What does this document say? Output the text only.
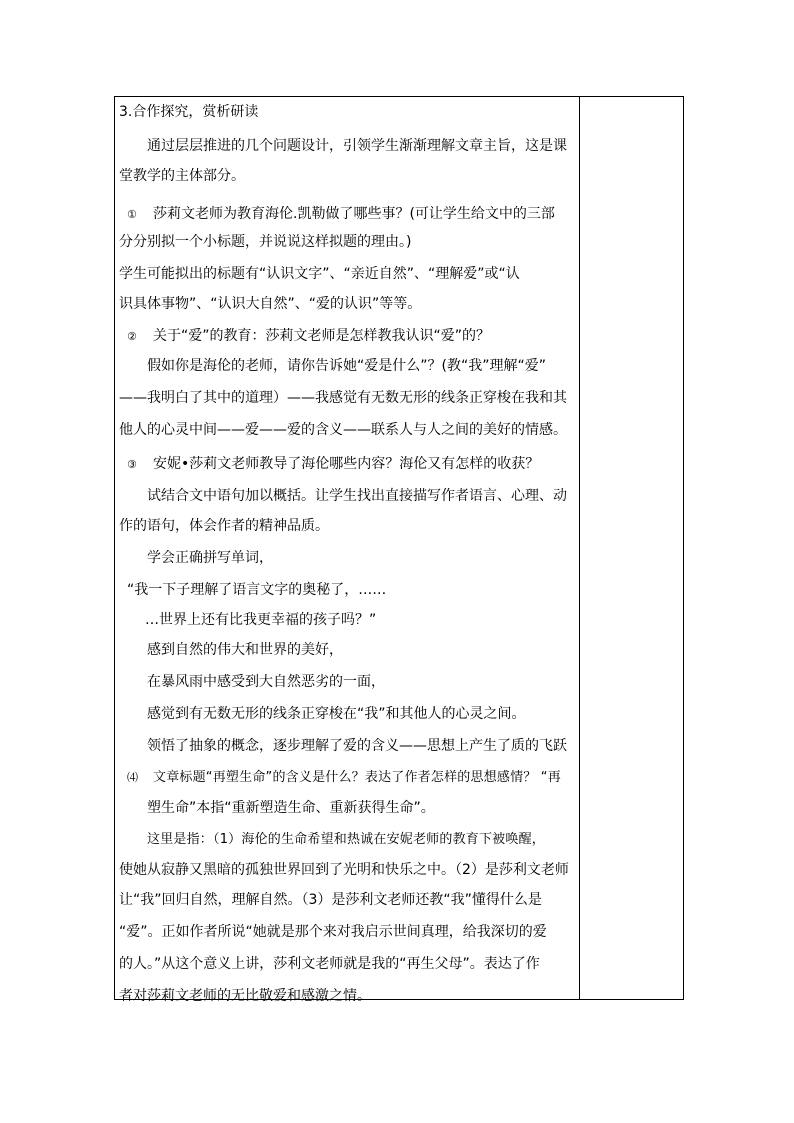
3.合作探究，赏析研读
通过层层推进的几个问题设计，引领学生渐渐理解文章主旨，这是课
堂教学的主体部分。
① 莎莉文老师为教育海伦.凯勒做了哪些事？(可让学生给文中的三部
分分别拟一个小标题，并说说这样拟题的理由。)
学生可能拟出的标题有“认识文字”、“亲近自然”、“理解爱”或“认
识具体事物”、“认识大自然”、“爱的认识”等等。
② 关于“爱”的教育：莎莉文老师是怎样教我认识“爱”的？
假如你是海伦的老师，请你告诉她“爱是什么”？(教“我”理解“爱”
——我明白了其中的道理）——我感觉有无数无形的线条正穿梭在我和其
他人的心灵中间——爱——爱的含义——联系人与人之间的美好的情感。
③ 安妮•莎莉文老师教导了海伦哪些内容？海伦又有怎样的收获？
试结合文中语句加以概括。让学生找出直接描写作者语言、心理、动
作的语句，体会作者的精神品质。
学会正确拼写单词，
“我一下子理解了语言文字的奥秘了，……
…世界上还有比我更幸福的孩子吗？”
感到自然的伟大和世界的美好，
在暴风雨中感受到大自然恶劣的一面，
感觉到有无数无形的线条正穿梭在“我”和其他人的心灵之间。
领悟了抽象的概念，逐步理解了爱的含义——思想上产生了质的飞跃
⑷ 文章标题“再塑生命”的含义是什么？表达了作者怎样的思想感情？ “再
塑生命”本指“重新塑造生命、重新获得生命”。
这里是指：（1）海伦的生命希望和热诚在安妮老师的教育下被唤醒，
使她从寂静又黑暗的孤独世界回到了光明和快乐之中。（2）是莎利文老师
让“我”回归自然，理解自然。（3）是莎利文老师还教“我”懂得什么是
“爱”。正如作者所说“她就是那个来对我启示世间真理，给我深切的爱
的人。”从这个意义上讲，莎利文老师就是我的“再生父母”。表达了作
者对莎莉文老师的无比敬爱和感激之情。
